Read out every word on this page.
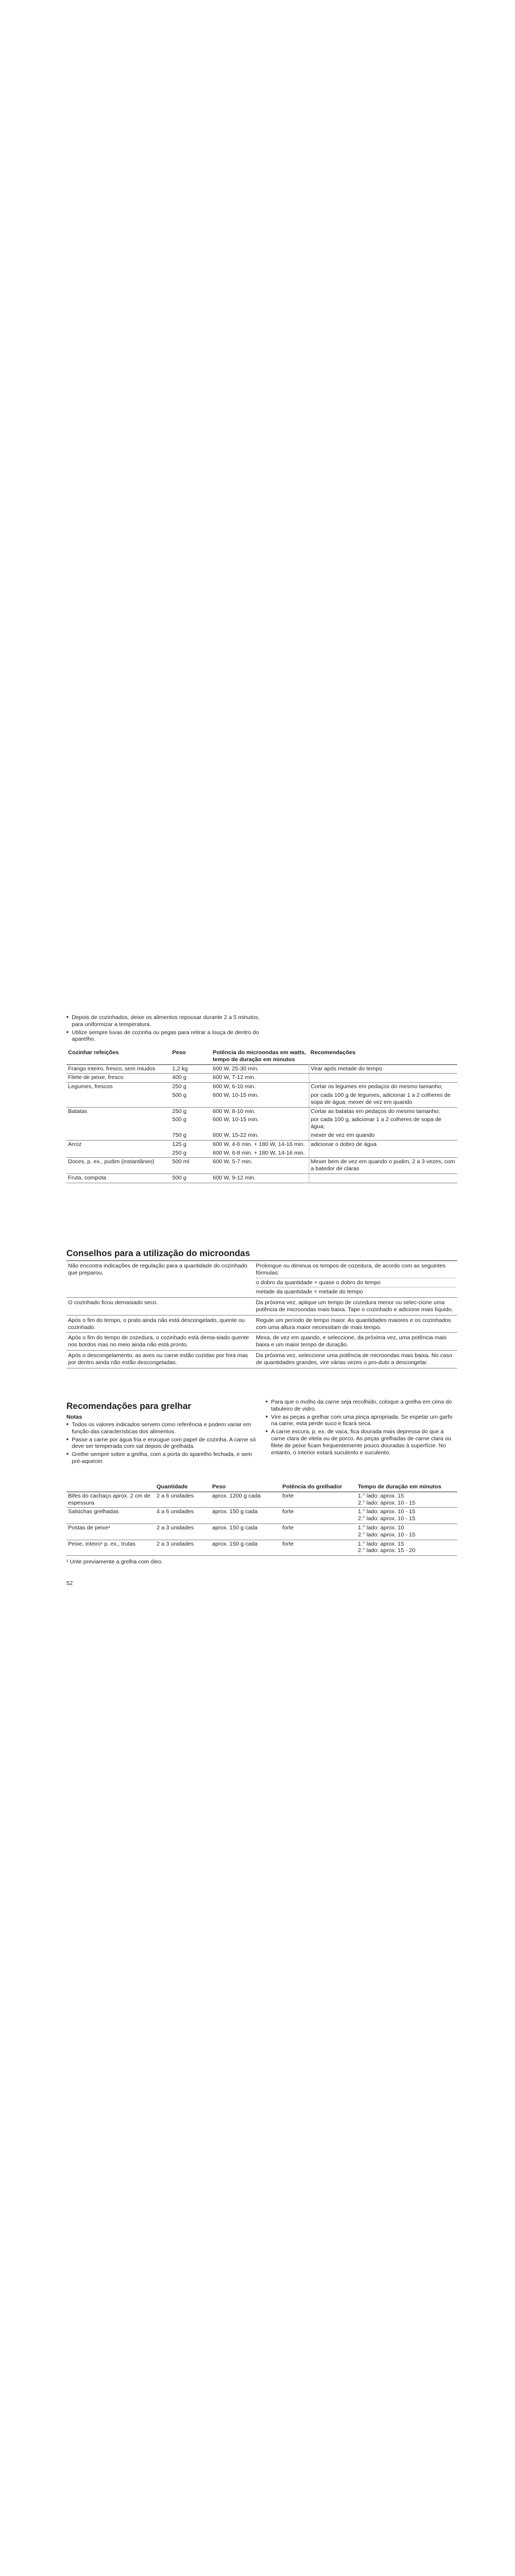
■ Depois de cozinhados, deixe os alimentos repousar durante 2 a 5 minutos, para uniformizar a temperatura.
■ Utilize sempre luvas de cozinha ou pegas para retirar a louça de dentro do aparelho.
Cozinhar refeições	Peso	Potência do microondas em watts, tempo de duração em minutos	Recomendações
Frango inteiro, fresco, sem miudos	1,2 kg	600 W, 25-30 min.	Virar após metade do tempo
Filete de peixe, fresco	400 g	600 W, 7-12 min.	
Legumes, frescos	250 g	600 W, 6-10 min.	Cortar os legumes em pedaços do mesmo tamanho;
	500 g	600 W, 10-15 min.	por cada 100 g de legumes, adicionar 1 a 2 colheres de sopa de água; mexer de vez em quando
Batatas	250 g	600 W, 8-10 min.	Cortar as batatas em pedaços do mesmo tamanho;
	500 g	600 W, 10-15 min.	por cada 100 g, adicionar 1 a 2 colheres de sopa de água;
	750 g	600 W, 15-22 min.	mexer de vez em quando
Arroz	125 g	600 W, 4-6 min. + 180 W, 14-16 min.	adicionar o dobro de água
	250 g	600 W, 6-8 min. + 180 W, 14-16 min.	
Doces, p. ex., pudim (instantâneo)	500 ml	600 W, 5-7 min.	Mexer bem de vez em quando o pudim, 2 a 3 vezes, com a batedor de claras
Fruta, compota	500 g	600 W, 9-12 min.	
Conselhos para a utilização do microondas
Não encontra indicações de regulação para a quantidade do cozinhado que preparou.	Prolongue ou diminua os tempos de cozedura, de acordo com as seguintes fórmulas:
o dobro da quantidade = quase o dobro do tempo
metade da quantidade = metade do tempo

O cozinhado ficou demasiado seco.	Da próxima vez, aplique um tempo de cozedura menor ou selec-cione uma potência de microondas mais baixa. Tape o cozinhado e adicione mais líquido.
Após o fim do tempo, o prato ainda não está descongelado, quente ou cozinhado.	Regule um período de tempo maior. As quantidades maiores e os cozinhados com uma altura maior necessitam de mais tempo.
Após o fim do tempo de cozedura, o cozinhado está dema-siado quente nos bordos mas no meio ainda não está pronto.	Mexa, de vez em quando, e seleccione, da próxima vez, uma potência mais baixa e um maior tempo de duração.
Após o descongelamento, as aves ou carne estão cozidas por fora mas por dentro ainda não estão descongeladas.	Da próxima vez, seleccione uma potência de microondas mais baixa. No caso de quantidades grandes, vire várias vezes o pro-duto a descongelar.
Recomendações para grelhar
Notas
■ Todos os valores indicados servem como referência e podem variar em função das características dos alimentos.
■ Passe a carne por água fria e enxugue com papel de cozinha. A carne só deve ser temperada com sal depois de grelhada.
■ Grelhe sempre sobre a grelha, com a porta do aparelho fechada, e sem pré-aquecer.
■ Para que o molho da carne seja recolhido, coloque a grelha em cima do tabuleiro de vidro.
■ Vire as peças a grelhar com uma pinça apropriada. Se espetar um garfo na carne, esta perde suco e ficará seca.
■ A carne escura, p. ex. de vaca, fica dourada mais depressa do que a carne clara de vitela ou de porco. As peças grelhadas de carne clara ou filete de peixe ficam frequentemente pouco douradas à superfície. No entanto, o interior estará suculento e suculento.
	Quantidade	Peso	Potência do grelhador	Tempo de duração em minutos
Bifes do cachaço aprox. 2 cm de espessura	2 a 6 unidades	aprox. 1200 g cada	forte	1.° lado: aprox. 15
2.° lado: aprox. 10 - 15

Salsichas grelhadas	4 a 6 unidades	aprox. 150 g cada	forte	1.° lado: aprox. 10 - 15
2.° lado: aprox. 10 - 15

Postas de peixe¹	2 a 3 unidades	aprox. 150 g cada	forte	1.° lado: aprox. 10
2.° lado: aprox. 10 - 15

Peixe, inteiro¹ p. ex., trutas	2 a 3 unidades	aprox. 150 g cada	forte	1.° lado: aprox. 15
2.° lado: aprox. 15 - 20
¹ Unte previamente a grelha com óleo.
52
